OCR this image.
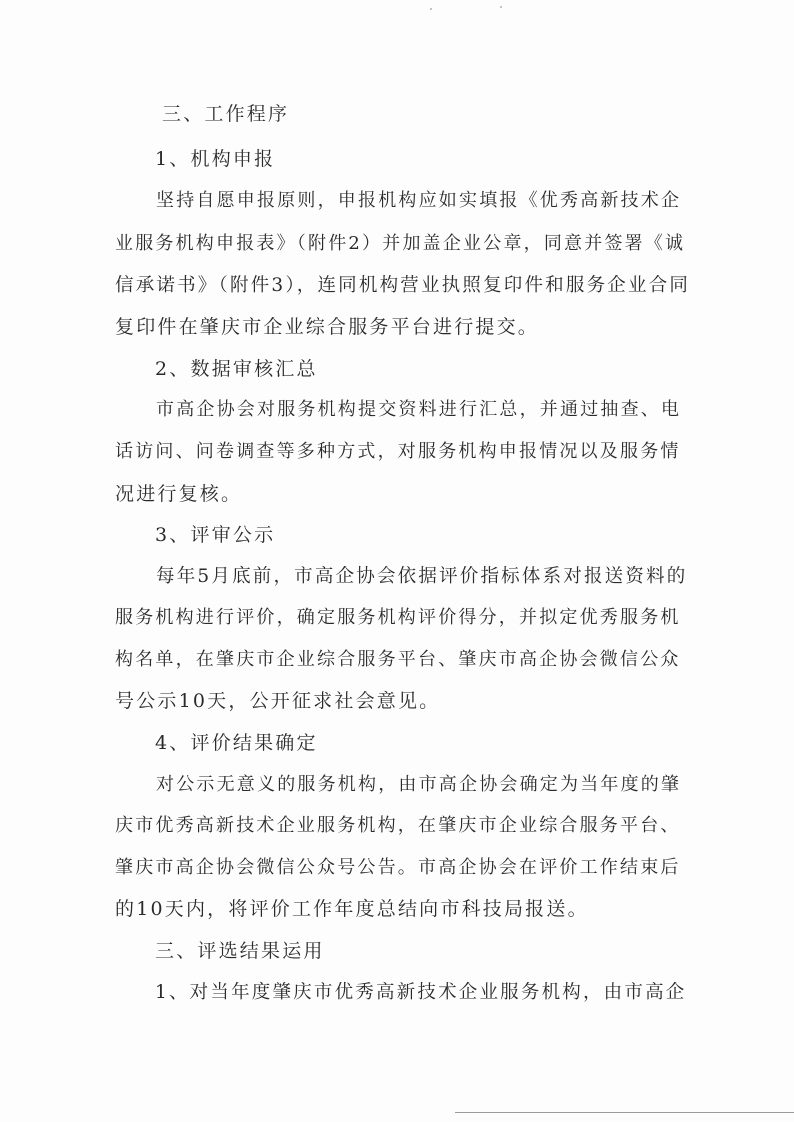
三、工作程序
1、机构申报
坚持自愿申报原则，申报机构应如实填报《优秀高新技术企
业服务机构申报表》（附件2）并加盖企业公章，同意并签署《诚
信承诺书》（附件3），连同机构营业执照复印件和服务企业合同
复印件在肇庆市企业综合服务平台进行提交。
2、数据审核汇总
市高企协会对服务机构提交资料进行汇总，并通过抽查、电
话访问、问卷调查等多种方式，对服务机构申报情况以及服务情
况进行复核。
3、评审公示
每年5月底前，市高企协会依据评价指标体系对报送资料的
服务机构进行评价，确定服务机构评价得分，并拟定优秀服务机
构名单，在肇庆市企业综合服务平台、肇庆市高企协会微信公众
号公示10天，公开征求社会意见。
4、评价结果确定
对公示无意义的服务机构，由市高企协会确定为当年度的肇
庆市优秀高新技术企业服务机构，在肇庆市企业综合服务平台、
肇庆市高企协会微信公众号公告。市高企协会在评价工作结束后
的10天内，将评价工作年度总结向市科技局报送。
三、评选结果运用
1、对当年度肇庆市优秀高新技术企业服务机构，由市高企
